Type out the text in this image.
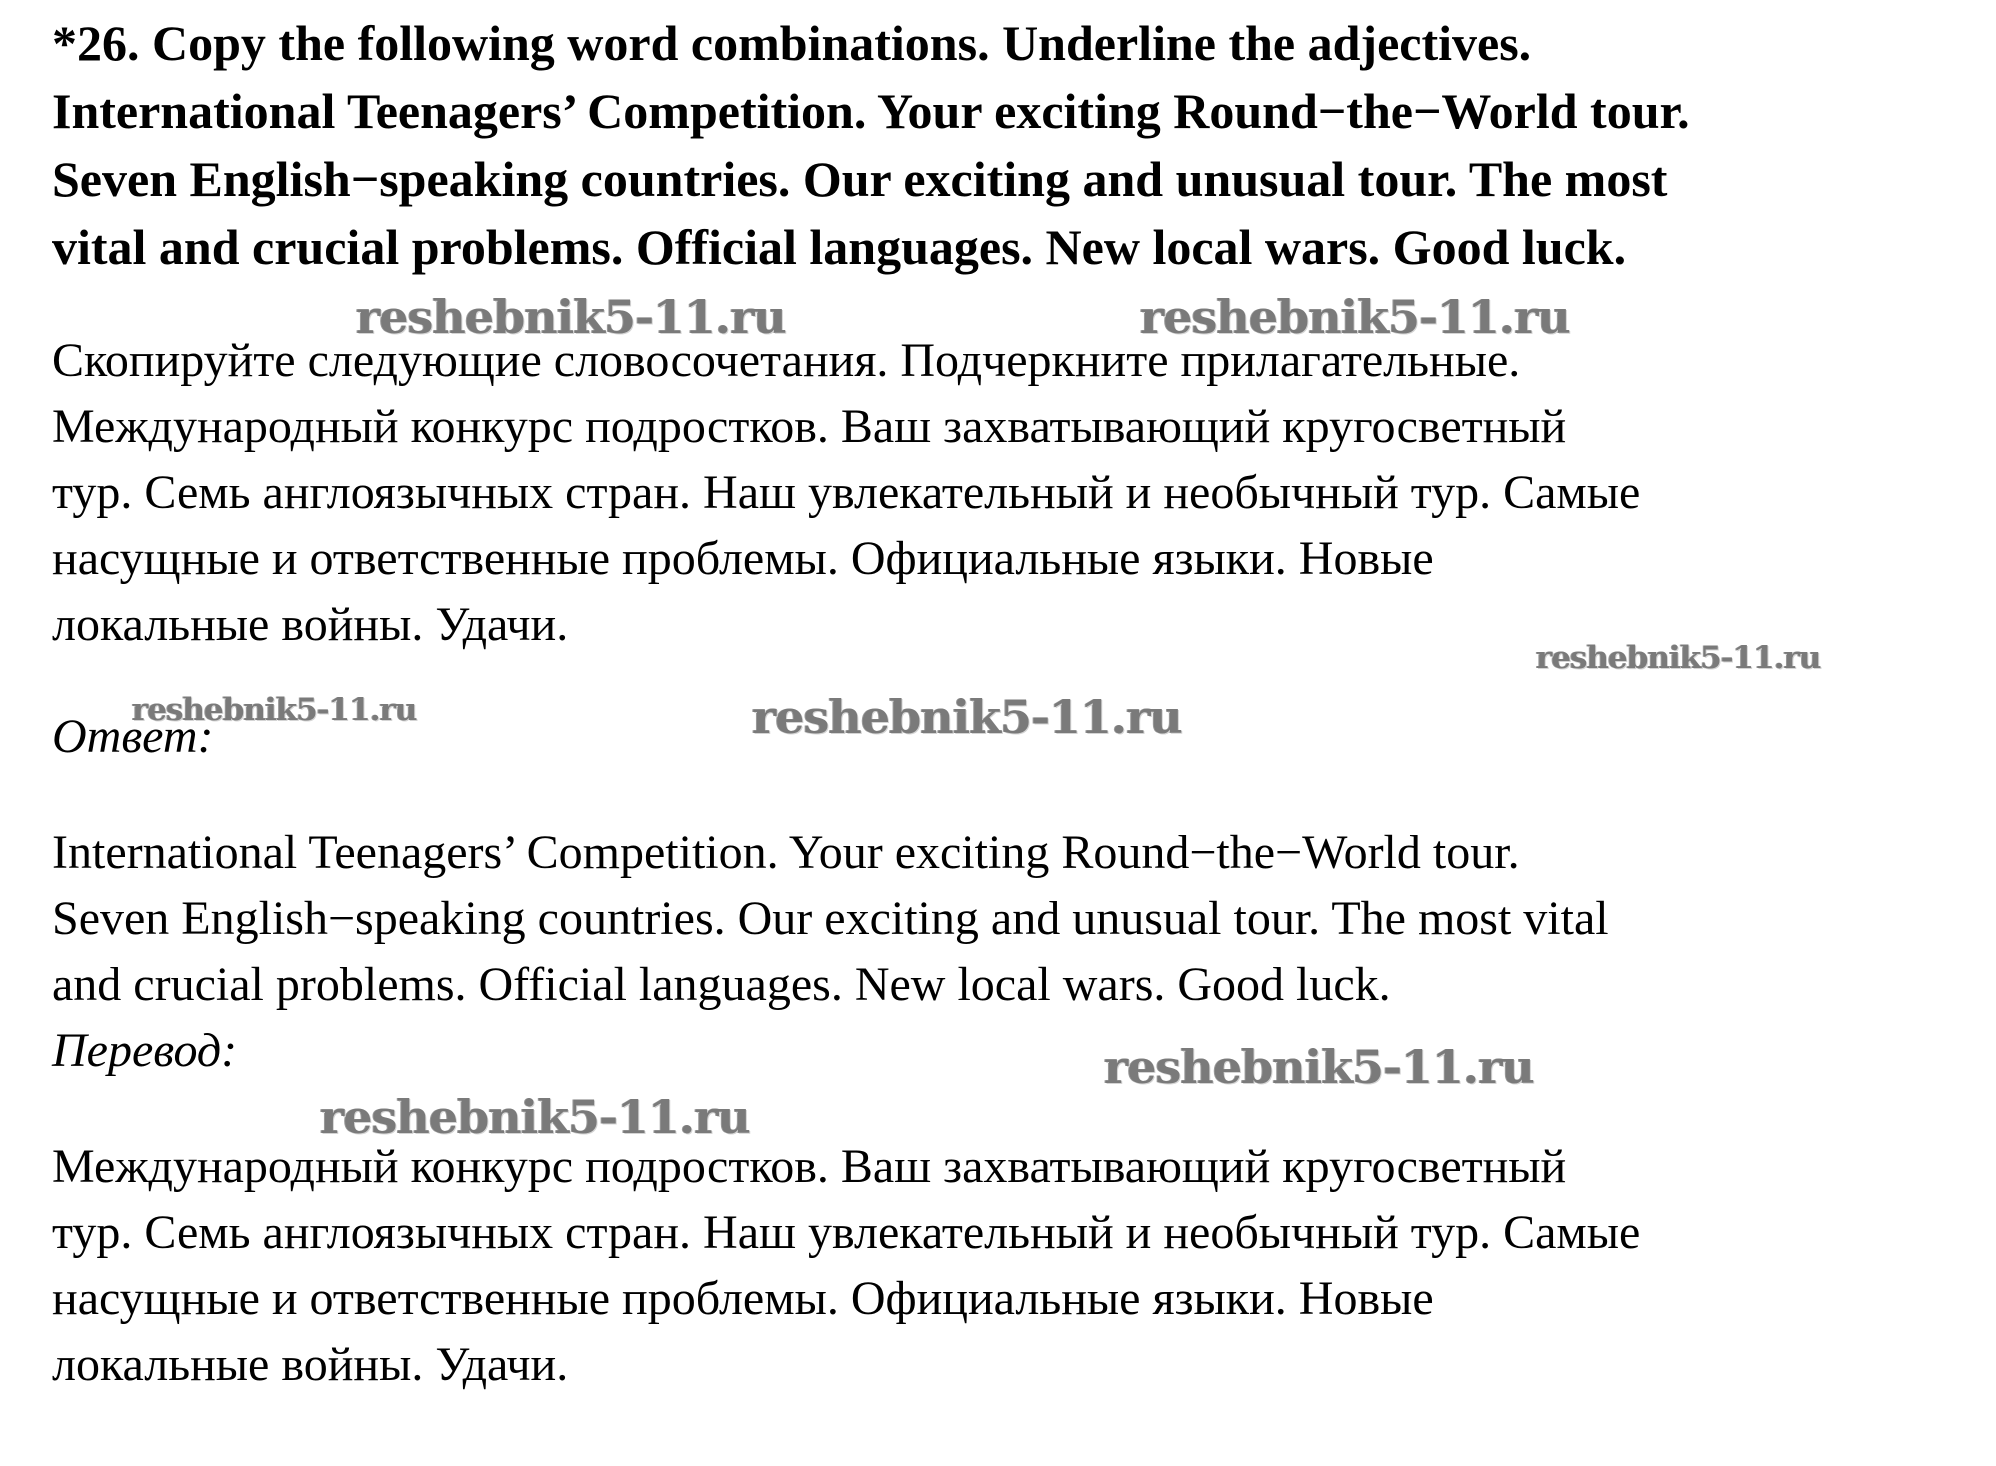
*26. Copy the following word combinations. Underline the adjectives.
International Teenagers’ Competition. Your exciting Round−the−World tour.
Seven English−speaking countries. Our exciting and unusual tour. The most
vital and crucial problems. Official languages. New local wars. Good luck.
reshebnik5-11.ru	reshebnik5-11.ru
Скопируйте следующие словосочетания. Подчеркните прилагательные.
Международный конкурс подростков. Ваш захватывающий кругосветный
тур. Семь англоязычных стран. Наш увлекательный и необычный тур. Самые
насущные и ответственные проблемы. Официальные языки. Новые
локальные войны. Удачи.
reshebnik5-11.ru
reshebnik5-11.ru	reshebnik5-11.ru
Ответ:
International Teenagers’ Competition. Your exciting Round−the−World tour.
Seven English−speaking countries. Our exciting and unusual tour. The most vital
and crucial problems. Official languages. New local wars. Good luck.
Перевод:	reshebnik5-11.ru
reshebnik5-11.ru
Международный конкурс подростков. Ваш захватывающий кругосветный
тур. Семь англоязычных стран. Наш увлекательный и необычный тур. Самые
насущные и ответственные проблемы. Официальные языки. Новые
локальные войны. Удачи.
